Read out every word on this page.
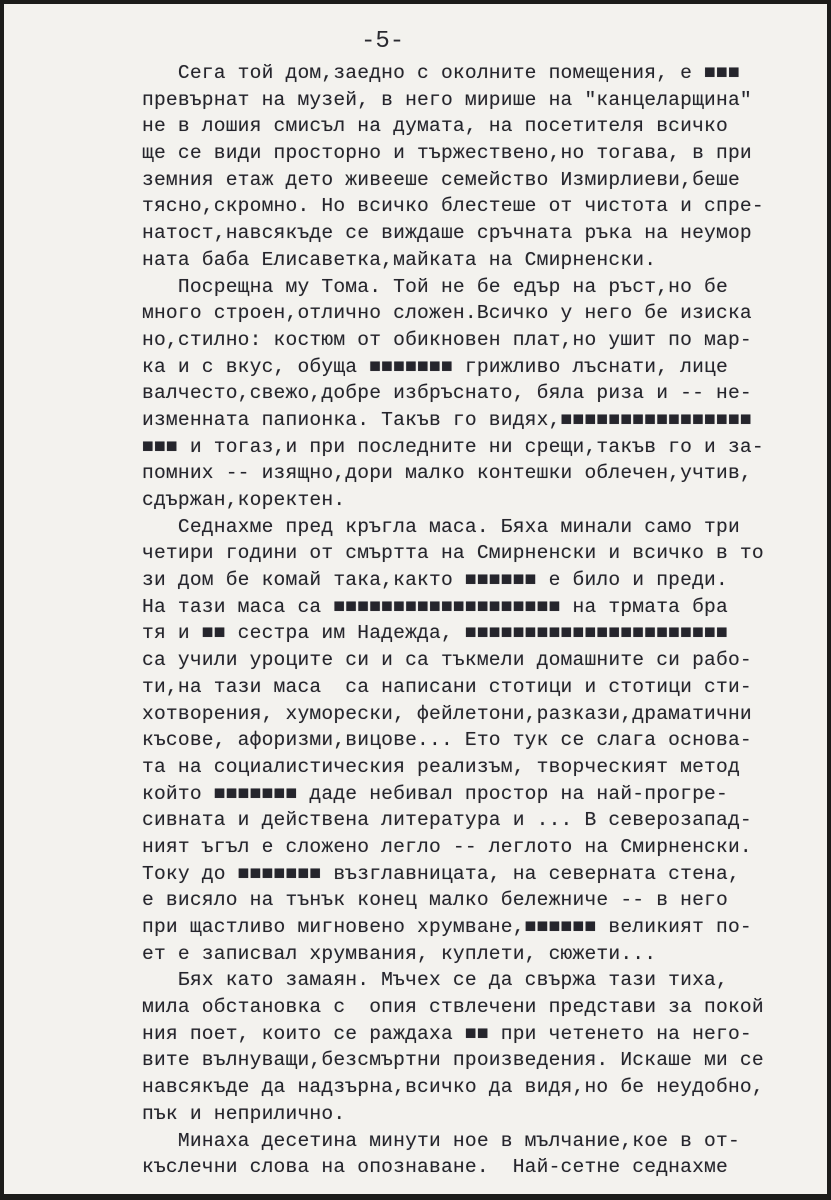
-5-
Сега той дом,заедно с околните помещения, е ■■■
превърнат на музей, в него мирише на "канцеларщина"
не в лошия смисъл на думата, на посетителя всичко
ще се види просторно и тържествено,но тогава, в при
земния етаж дето живееше семейство Измирлиеви,беше
тясно,скромно. Но всичко блестеше от чистота и спре-
натост,навсякъде се виждаше сръчната ръка на неумор
ната баба Елисаветка,майката на Смирненски.
Посрещна му Тома. Той не бе едър на ръст,но бе
много строен,отлично сложен.Всичко у него бе изиска
но,стилно: костюм от обикновен плат,но ушит по мар-
ка и с вкус, обуща ■■■■■■■ грижливо лъснати, лице
валчесто,свежо,добре избръснато, бяла риза и -- не-
изменната папионка. Такъв го видях,■■■■■■■■■■■■■■■■
■■■ и тогаз,и при последните ни срещи,такъв го и за-
помних -- изящно,дори малко контешки облечен,учтив,
сдържан,коректен.
Седнахме пред кръгла маса. Бяха минали само три
четири години от смъртта на Смирненски и всичко в то
зи дом бе комай така,както ■■■■■■ е било и преди.
На тази маса са ■■■■■■■■■■■■■■■■■■■ на трмата бра
тя и ■■ сестра им Надежда, ■■■■■■■■■■■■■■■■■■■■■■
са учили уроците си и са тъкмели домашните си рабо-
ти,на тази маса  са написани стотици и стотици сти-
хотворения, хуморески, фейлетони,разкази,драматични
късове, афоризми,вицове... Ето тук се слага основа-
та на социалистическия реализъм, творческият метод
който ■■■■■■■ даде небивал простор на най-прогре-
сивната и действена литература и ... В северозапад-
ният ъгъл е сложено легло -- леглото на Смирненски.
Току до ■■■■■■■ възглавницата, на северната стена,
е висяло на тънък конец малко бележниче -- в него
при щастливо мигновено хрумване,■■■■■■ великият по-
ет е записвал хрумвания, куплети, сюжети...
Бях като замаян. Мъчех се да свържа тази тиха,
мила обстановка с  опия ствлечени представи за покой
ния поет, които се раждаха ■■ при четенето на него-
вите вълнуващи,безсмъртни произведения. Искаше ми се
навсякъде да надзърна,всичко да видя,но бе неудобно,
пък и неприлично.
Минаха десетина минути ное в мълчание,кое в от-
къслечни слова на опознаване.  Най-сетне седнахме
